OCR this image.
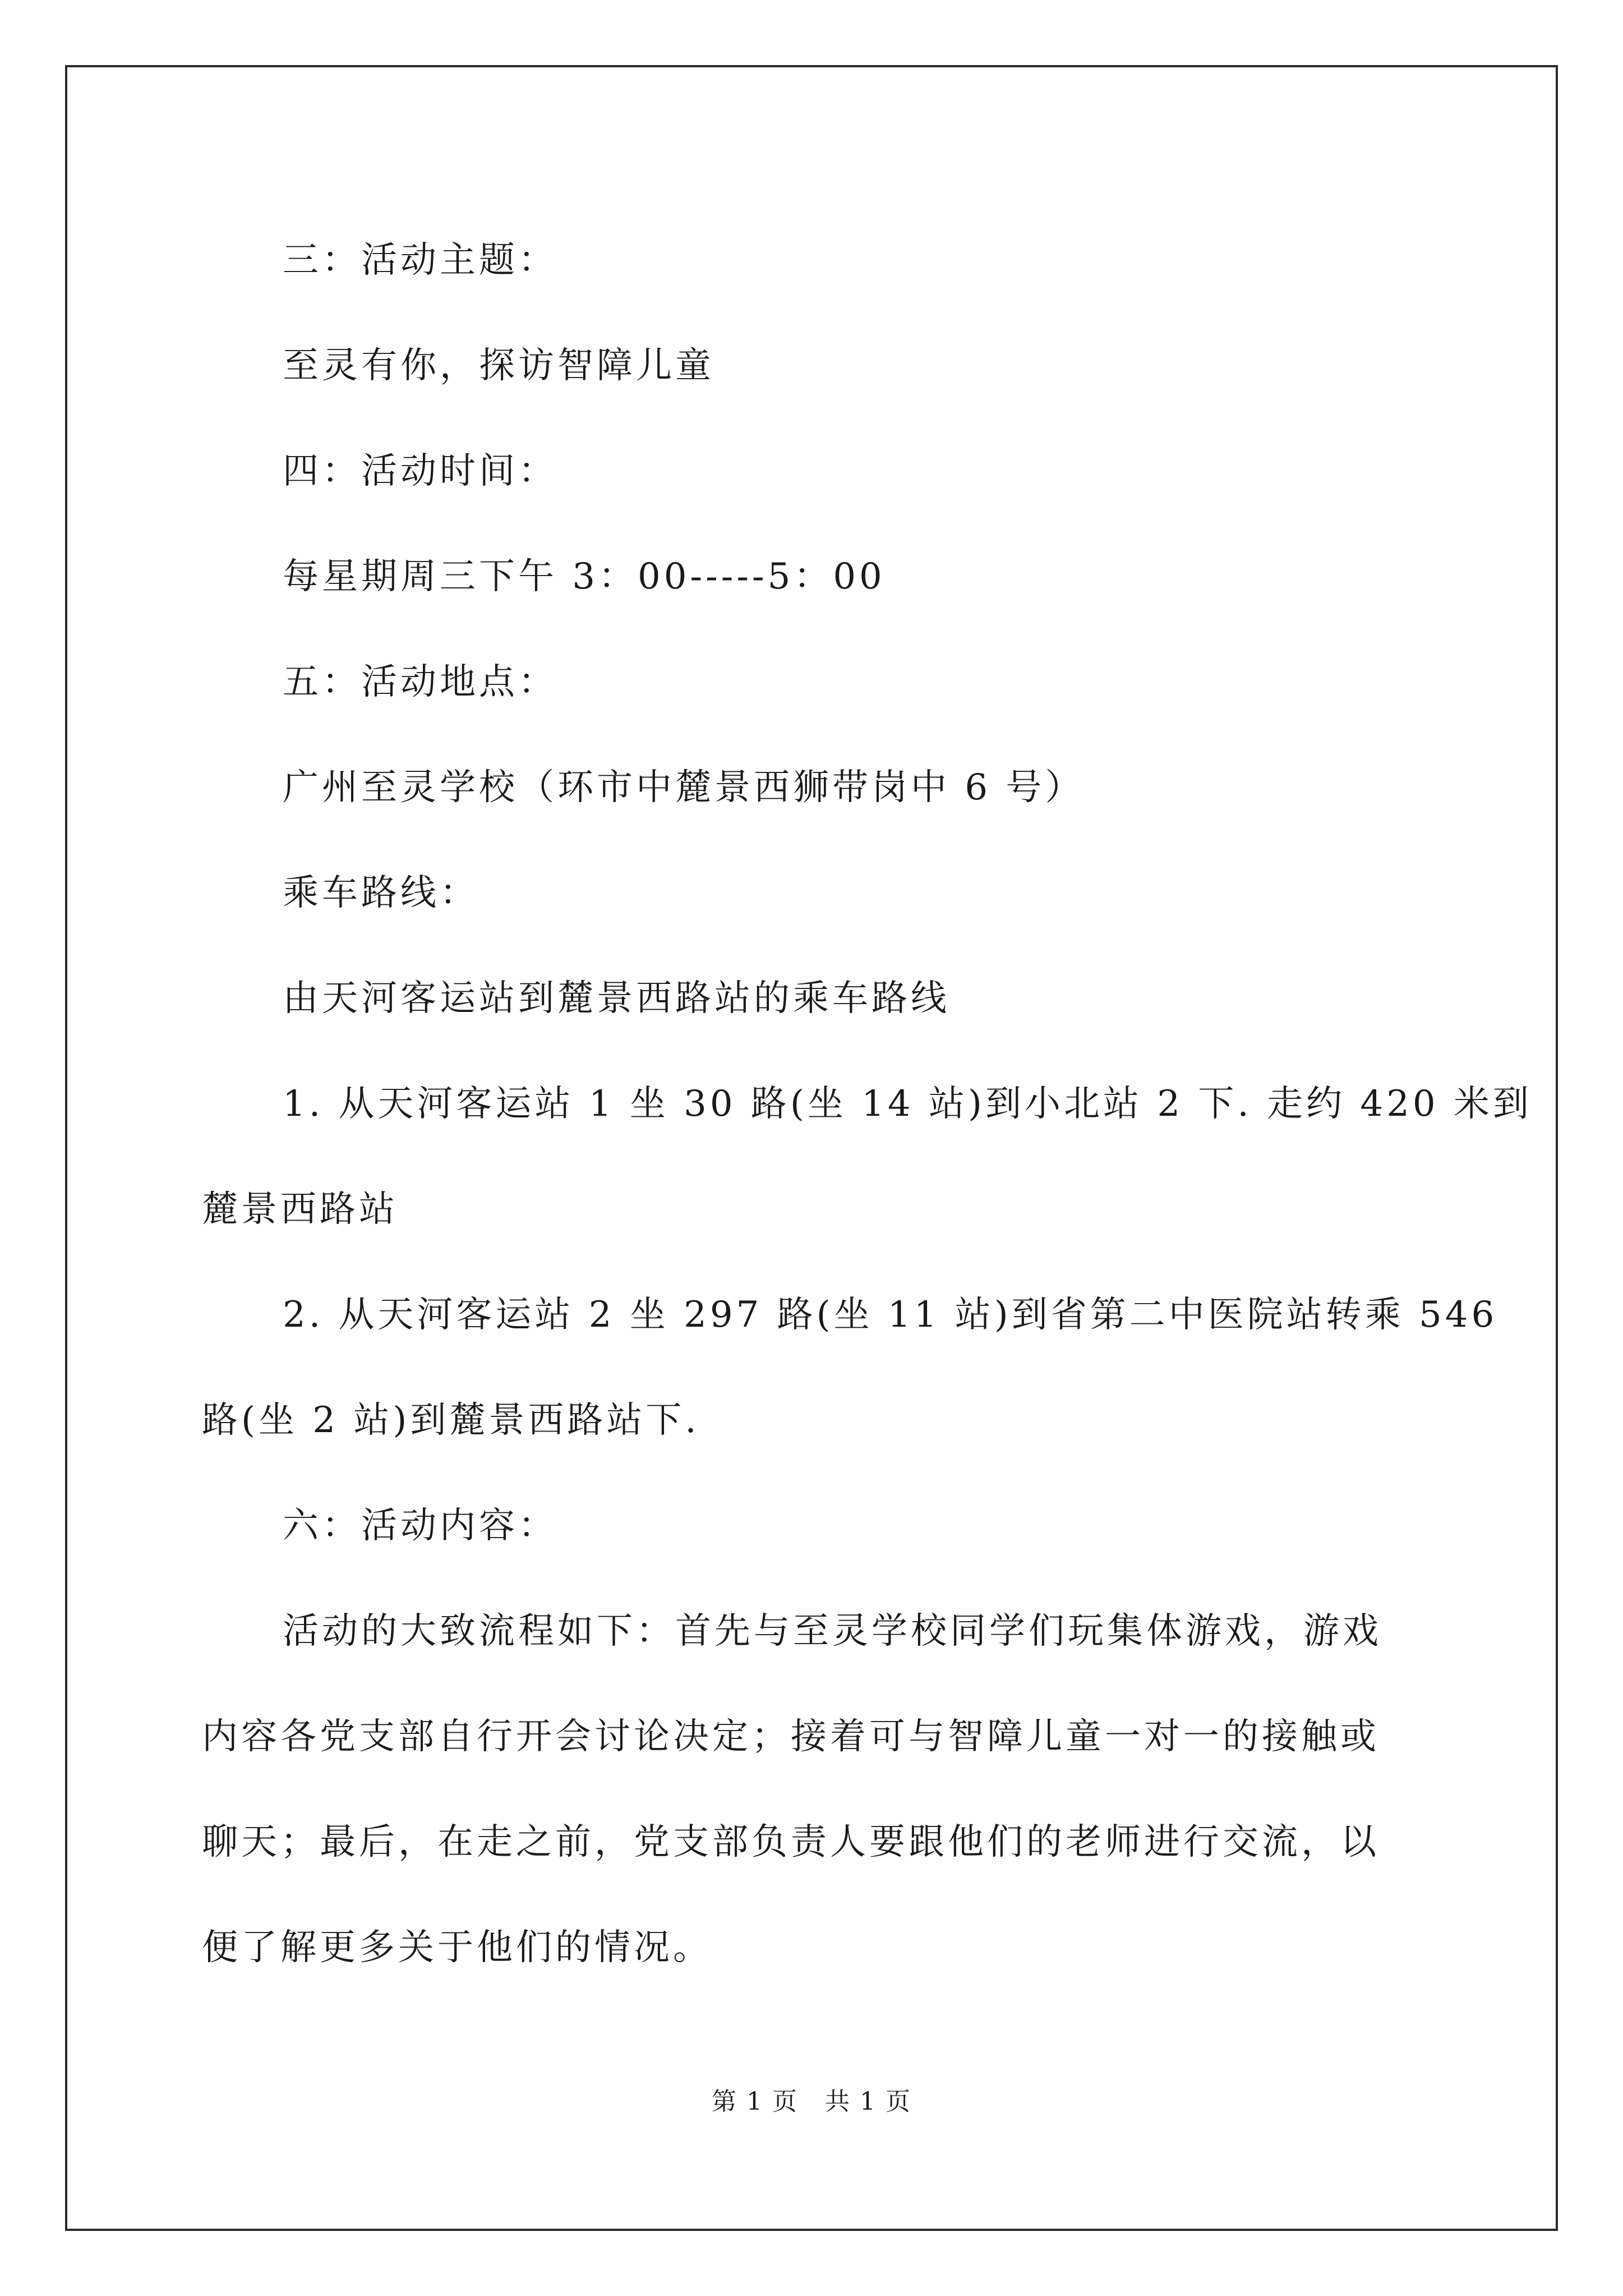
三：活动主题：
至灵有你，探访智障儿童
四：活动时间：
每星期周三下午 3：00-----5：00
五：活动地点：
广州至灵学校（环市中麓景西狮带岗中 6 号）
乘车路线：
由天河客运站到麓景西路站的乘车路线
1. 从天河客运站 1 坐 30 路(坐 14 站)到小北站 2 下. 走约 420 米到
麓景西路站
2. 从天河客运站 2 坐 297 路(坐 11 站)到省第二中医院站转乘 546
路(坐 2 站)到麓景西路站下.
六：活动内容：
活动的大致流程如下：首先与至灵学校同学们玩集体游戏，游戏
内容各党支部自行开会讨论决定；接着可与智障儿童一对一的接触或
聊天；最后，在走之前，党支部负责人要跟他们的老师进行交流，以
便了解更多关于他们的情况。
第 1 页   共 1 页
